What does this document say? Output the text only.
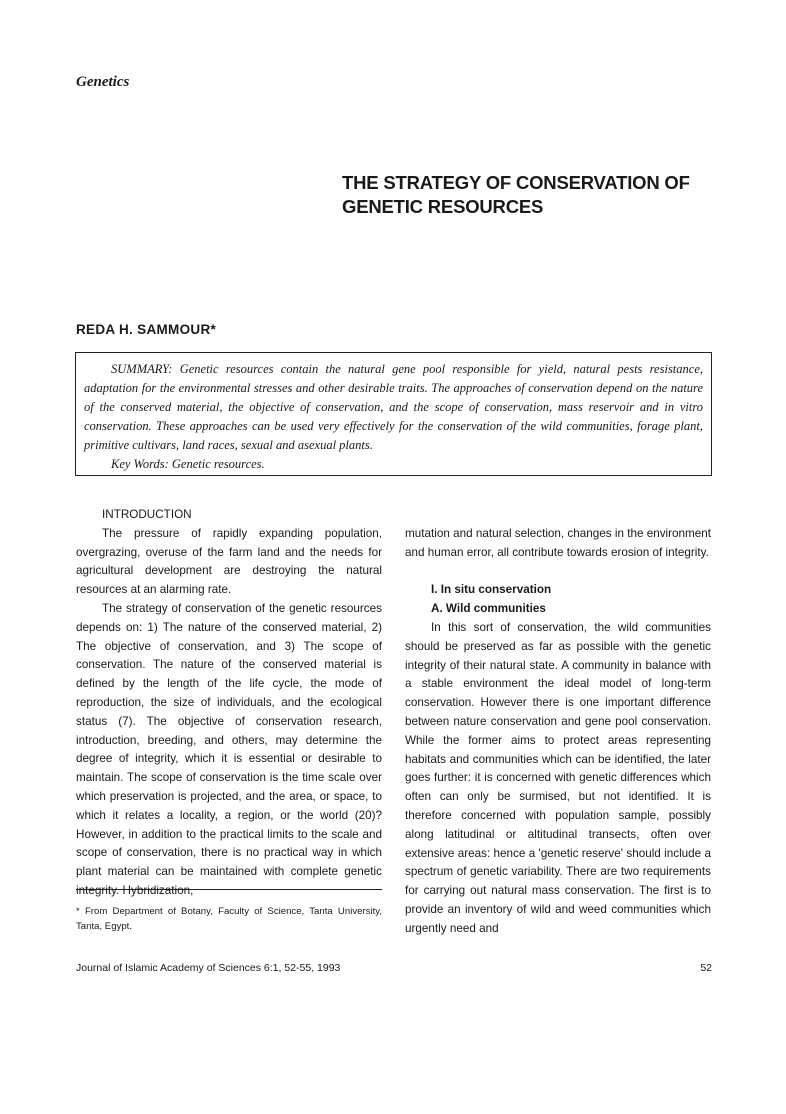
Genetics
THE STRATEGY OF CONSERVATION OF
GENETIC RESOURCES
REDA H. SAMMOUR*

SUMMARY: Genetic resources contain the natural gene pool responsible for yield, natural pests resistance, adaptation for the environmental stresses and other desirable traits. The approaches of conservation depend on the nature of the conserved material, the objective of conservation, and the scope of conservation, mass reservoir and in vitro conservation. These approaches can be used very effectively for the conservation of the wild communities, forage plant, primitive cultivars, land races, sexual and asexual plants.

Key Words: Genetic resources.

INTRODUCTION

The pressure of rapidly expanding population, overgrazing, overuse of the farm land and the needs for agricultural development are destroying the natural resources at an alarming rate.

The strategy of conservation of the genetic resources depends on: 1) The nature of the conserved material, 2) The objective of conservation, and 3) The scope of conservation. The nature of the conserved material is defined by the length of the life cycle, the mode of reproduction, the size of individuals, and the ecological status (7). The objective of conservation research, introduction, breeding, and others, may determine the degree of integrity, which it is essential or desirable to maintain. The scope of conservation is the time scale over which preservation is projected, and the area, or space, to which it relates a locality, a region, or the world (20)? However, in addition to the practical limits to the scale and scope of conservation, there is no practical way in which plant material can be maintained with complete genetic integrity. Hybridization,

mutation and natural selection, changes in the environment and human error, all contribute towards erosion of integrity.

I. In situ conservation
A. Wild communities

In this sort of conservation, the wild communities should be preserved as far as possible with the genetic integrity of their natural state. A community in balance with a stable environment the ideal model of long-term conservation. However there is one important difference between nature conservation and gene pool conservation. While the former aims to protect areas representing habitats and communities which can be identified, the later goes further: it is concerned with genetic differences which often can only be surmised, but not identified. It is therefore concerned with population sample, possibly along latitudinal or altitudinal transects, often over extensive areas: hence a 'genetic reserve' should include a spectrum of genetic variability. There are two requirements for carrying out natural mass conservation. The first is to provide an inventory of wild and weed communities which urgently need and

* From Department of Botany, Faculty of Science, Tanta University, Tanta, Egypt.
Journal of Islamic Academy of Sciences 6:1, 52-55, 1993	52
